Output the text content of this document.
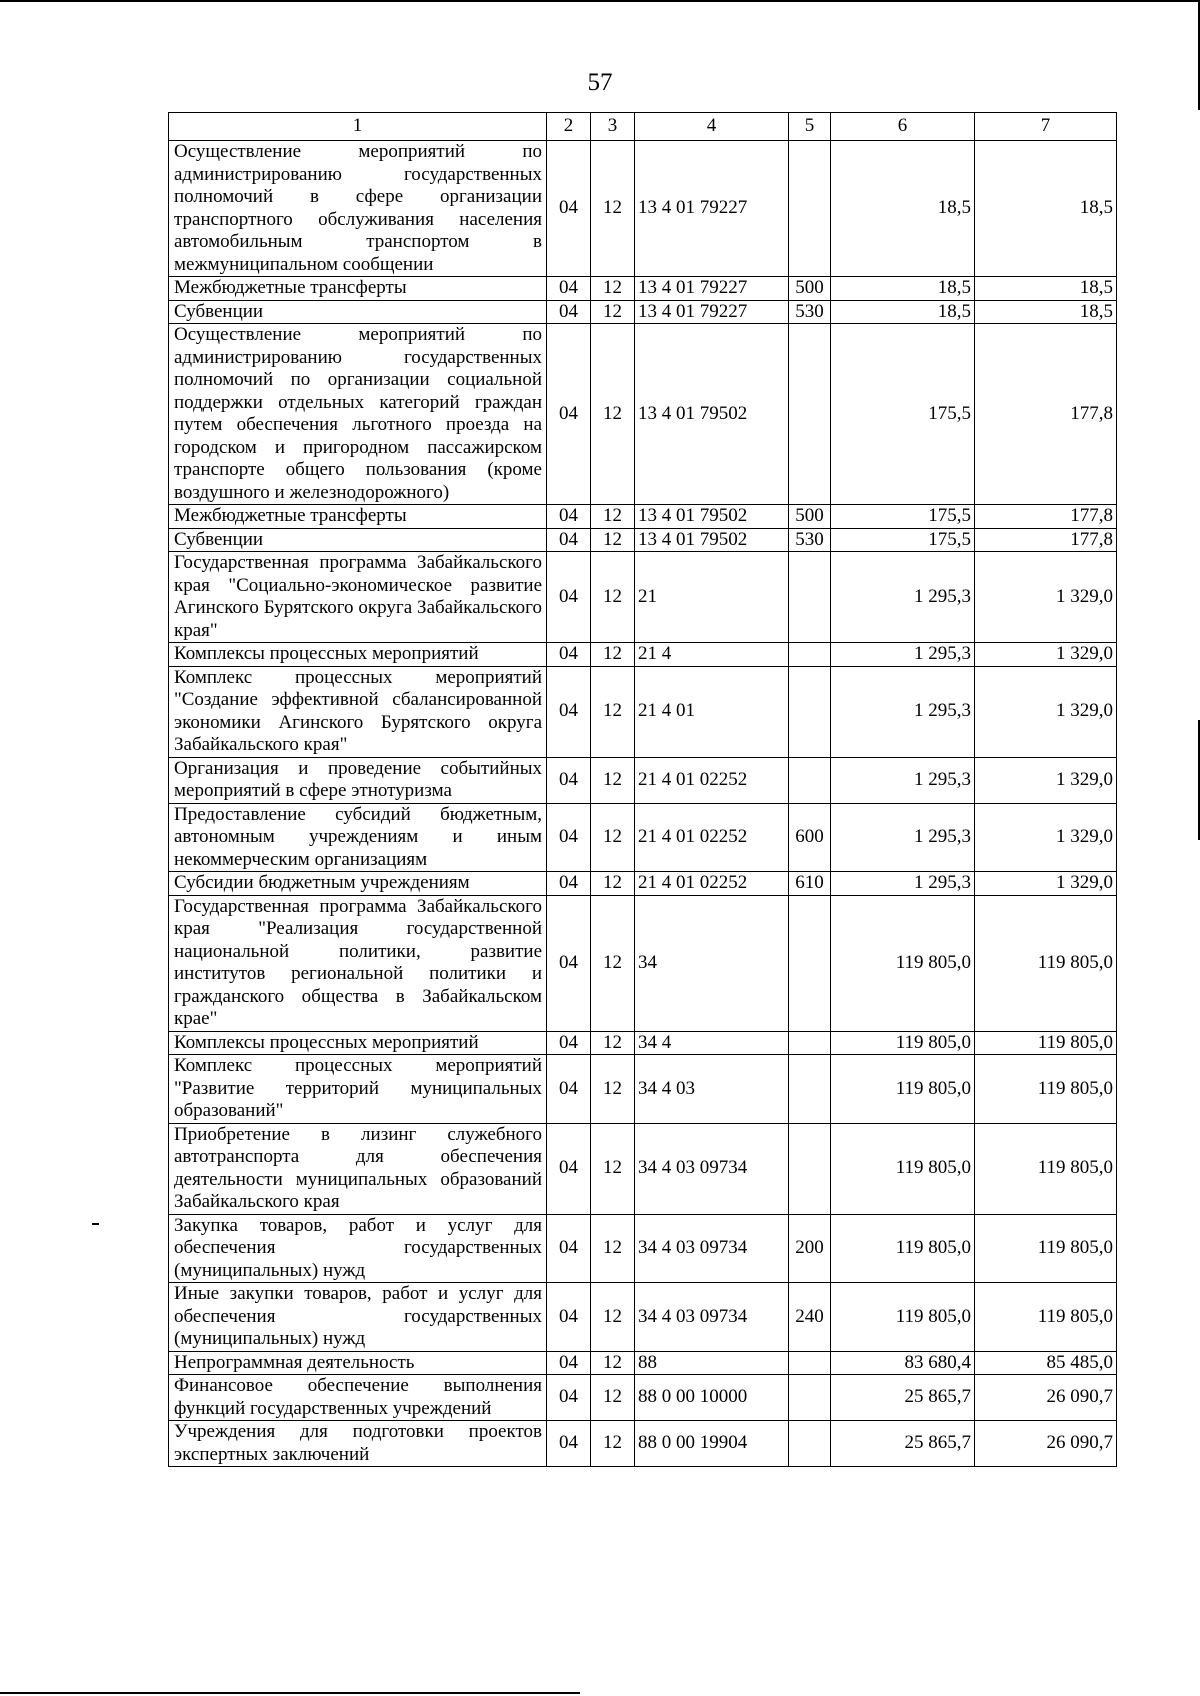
57
1	2	3	4	5	6	7
Осуществление мероприятий по администрированию государственных полномочий в сфере организации транспортного обслуживания населения автомобильным транспортом в межмуниципальном сообщении	04	12	13 4 01 79227		18,5	18,5
Межбюджетные трансферты	04	12	13 4 01 79227	500	18,5	18,5
Субвенции	04	12	13 4 01 79227	530	18,5	18,5
Осуществление мероприятий по администрированию государственных полномочий по организации социальной поддержки отдельных категорий граждан путем обеспечения льготного проезда на городском и пригородном пассажирском транспорте общего пользования (кроме воздушного и железнодорожного)	04	12	13 4 01 79502		175,5	177,8
Межбюджетные трансферты	04	12	13 4 01 79502	500	175,5	177,8
Субвенции	04	12	13 4 01 79502	530	175,5	177,8
Государственная программа Забайкальского края "Социально-экономическое развитие Агинского Бурятского округа Забайкальского края"	04	12	21		1 295,3	1 329,0
Комплексы процессных мероприятий	04	12	21 4		1 295,3	1 329,0
Комплекс процессных мероприятий "Создание эффективной сбалансированной экономики Агинского Бурятского округа Забайкальского края"	04	12	21 4 01		1 295,3	1 329,0
Организация и проведение событийных мероприятий в сфере этнотуризма	04	12	21 4 01 02252		1 295,3	1 329,0
Предоставление субсидий бюджетным, автономным учреждениям и иным некоммерческим организациям	04	12	21 4 01 02252	600	1 295,3	1 329,0
Субсидии бюджетным учреждениям	04	12	21 4 01 02252	610	1 295,3	1 329,0
Государственная программа Забайкальского края "Реализация государственной национальной политики, развитие институтов региональной политики и гражданского общества в Забайкальском крае"	04	12	34		119 805,0	119 805,0
Комплексы процессных мероприятий	04	12	34 4		119 805,0	119 805,0
Комплекс процессных мероприятий "Развитие территорий муниципальных образований"	04	12	34 4 03		119 805,0	119 805,0
Приобретение в лизинг служебного автотранспорта для обеспечения деятельности муниципальных образований Забайкальского края	04	12	34 4 03 09734		119 805,0	119 805,0
Закупка товаров, работ и услуг для обеспечения государственных (муниципальных) нужд	04	12	34 4 03 09734	200	119 805,0	119 805,0
Иные закупки товаров, работ и услуг для обеспечения государственных (муниципальных) нужд	04	12	34 4 03 09734	240	119 805,0	119 805,0
Непрограммная деятельность	04	12	88		83 680,4	85 485,0
Финансовое обеспечение выполнения функций государственных учреждений	04	12	88 0 00 10000		25 865,7	26 090,7
Учреждения для подготовки проектов экспертных заключений	04	12	88 0 00 19904		25 865,7	26 090,7
